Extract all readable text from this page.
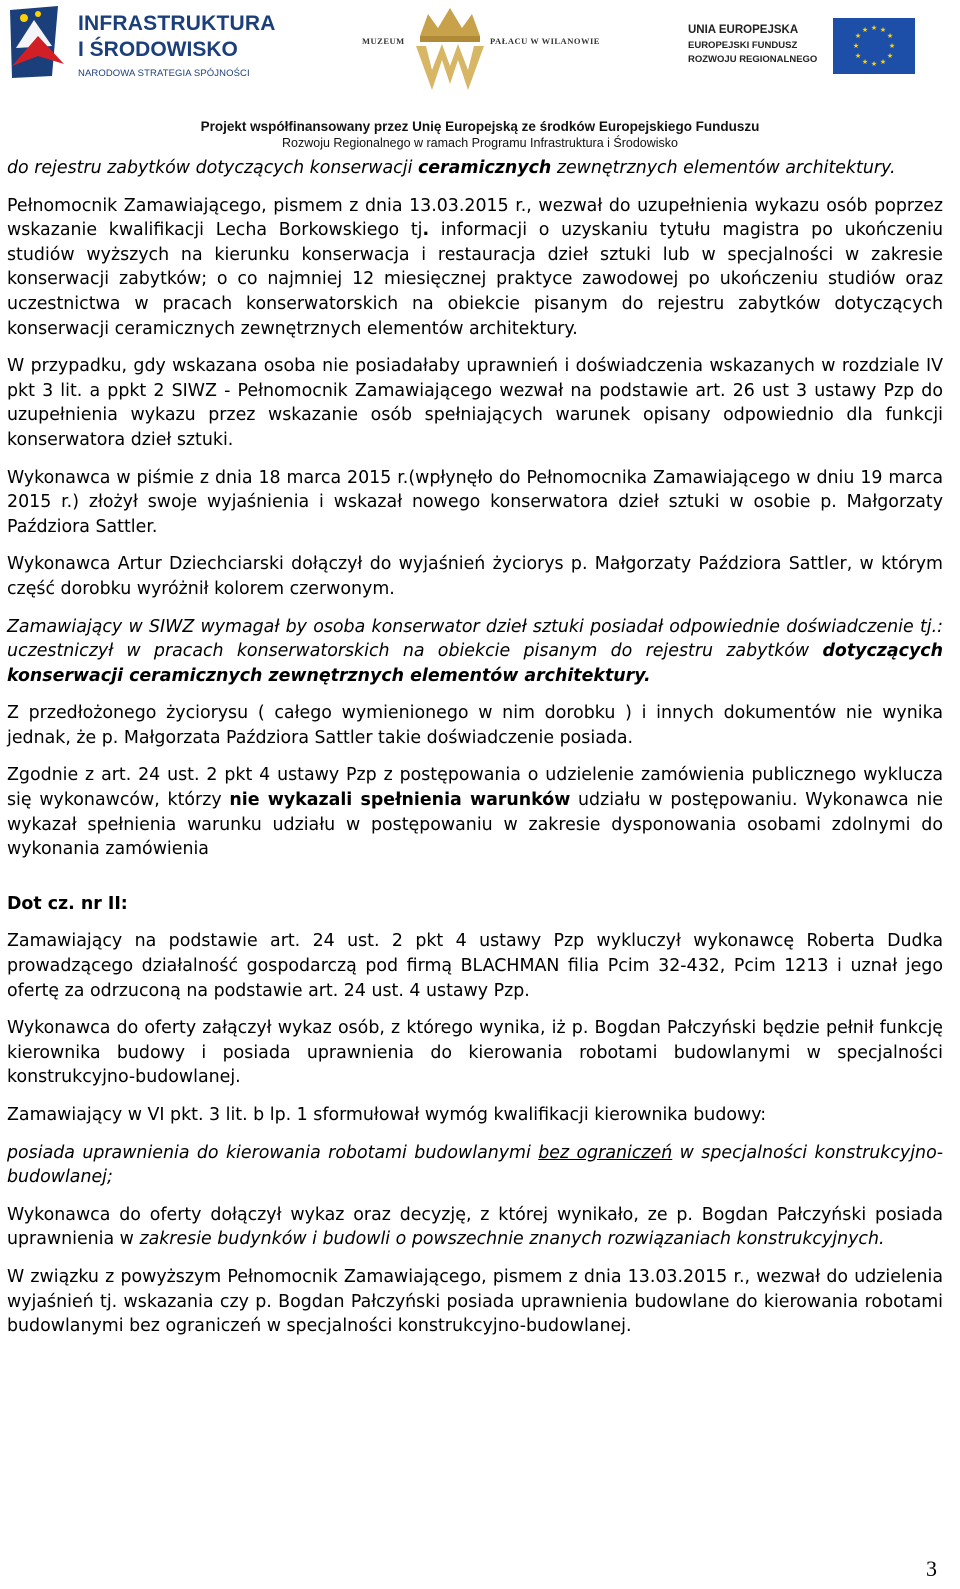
INFRASTRUKTURA
I ŚRODOWISKO
NARODOWA STRATEGIA SPÓJNOŚCI
MUZEUM	PAŁACU W WILANOWIE
UNIA EUROPEJSKA
EUROPEJSKI FUNDUSZ
ROZWOJU REGIONALNEGO
★ ★
★
★
★
★
★
★
★
★
★
★
Projekt współfinansowany przez Unię Europejską ze środków Europejskiego Funduszu
Rozwoju Regionalnego w ramach Programu Infrastruktura i Środowisko

do rejestru zabytków dotyczących konserwacji ceramicznych zewnętrznych elementów architektury.

Pełnomocnik Zamawiającego, pismem z dnia 13.03.2015 r., wezwał do uzupełnienia wykazu osób poprzez wskazanie kwalifikacji Lecha Borkowskiego tj. informacji o uzyskaniu tytułu magistra po ukończeniu studiów wyższych na kierunku konserwacja i restauracja dzieł sztuki lub w specjalności w zakresie konserwacji zabytków; o co najmniej 12 miesięcznej praktyce zawodowej po ukończeniu studiów oraz uczestnictwa w pracach konserwatorskich na obiekcie pisanym do rejestru zabytków dotyczących konserwacji ceramicznych zewnętrznych elementów architektury.

W przypadku, gdy wskazana osoba nie posiadałaby uprawnień i doświadczenia wskazanych w rozdziale IV pkt 3 lit. a ppkt 2 SIWZ - Pełnomocnik Zamawiającego wezwał na podstawie art. 26 ust 3 ustawy Pzp do uzupełnienia wykazu przez wskazanie osób spełniających warunek opisany odpowiednio dla funkcji konserwatora dzieł sztuki.

Wykonawca w piśmie z dnia 18 marca 2015 r.(wpłynęło do Pełnomocnika Zamawiającego w dniu 19 marca 2015 r.) złożył swoje wyjaśnienia i wskazał nowego konserwatora dzieł sztuki w osobie p. Małgorzaty Paździora Sattler.

Wykonawca Artur Dziechciarski dołączył do wyjaśnień życiorys p. Małgorzaty Paździora Sattler, w którym część dorobku wyróżnił kolorem czerwonym.

Zamawiający w SIWZ wymagał by osoba konserwator dzieł sztuki posiadał odpowiednie doświadczenie tj.: uczestniczył w pracach konserwatorskich na obiekcie pisanym do rejestru zabytków dotyczących konserwacji ceramicznych zewnętrznych elementów architektury.

Z przedłożonego życiorysu ( całego wymienionego w nim dorobku ) i innych dokumentów nie wynika jednak, że p. Małgorzata Paździora Sattler takie doświadczenie posiada.

Zgodnie z art. 24 ust. 2 pkt 4 ustawy Pzp z postępowania o udzielenie zamówienia publicznego wyklucza się wykonawców, którzy nie wykazali spełnienia warunków udziału w postępowaniu. Wykonawca nie wykazał spełnienia warunku udziału w postępowaniu w zakresie dysponowania osobami zdolnymi do wykonania zamówienia

Dot cz. nr II:

Zamawiający na podstawie art. 24 ust. 2 pkt 4 ustawy Pzp wykluczył wykonawcę Roberta Dudka prowadzącego działalność gospodarczą pod firmą BLACHMAN filia Pcim 32-432, Pcim 1213 i uznał jego ofertę za odrzuconą na podstawie art. 24 ust. 4 ustawy Pzp.

Wykonawca do oferty załączył wykaz osób, z którego wynika, iż p. Bogdan Pałczyński będzie pełnił funkcję kierownika budowy i posiada uprawnienia do kierowania robotami budowlanymi w specjalności konstrukcyjno-budowlanej.

Zamawiający w VI pkt. 3 lit. b lp. 1 sformułował wymóg kwalifikacji kierownika budowy:

posiada uprawnienia do kierowania robotami budowlanymi bez ograniczeń w specjalności konstrukcyjno-budowlanej;

Wykonawca do oferty dołączył wykaz oraz decyzję, z której wynikało, ze p. Bogdan Pałczyński posiada uprawnienia w zakresie budynków i budowli o powszechnie znanych rozwiązaniach konstrukcyjnych.

W związku z powyższym Pełnomocnik Zamawiającego, pismem z dnia 13.03.2015 r., wezwał do udzielenia wyjaśnień tj. wskazania czy p. Bogdan Pałczyński posiada uprawnienia budowlane do kierowania robotami budowlanymi bez ograniczeń w specjalności konstrukcyjno-budowlanej.

3
